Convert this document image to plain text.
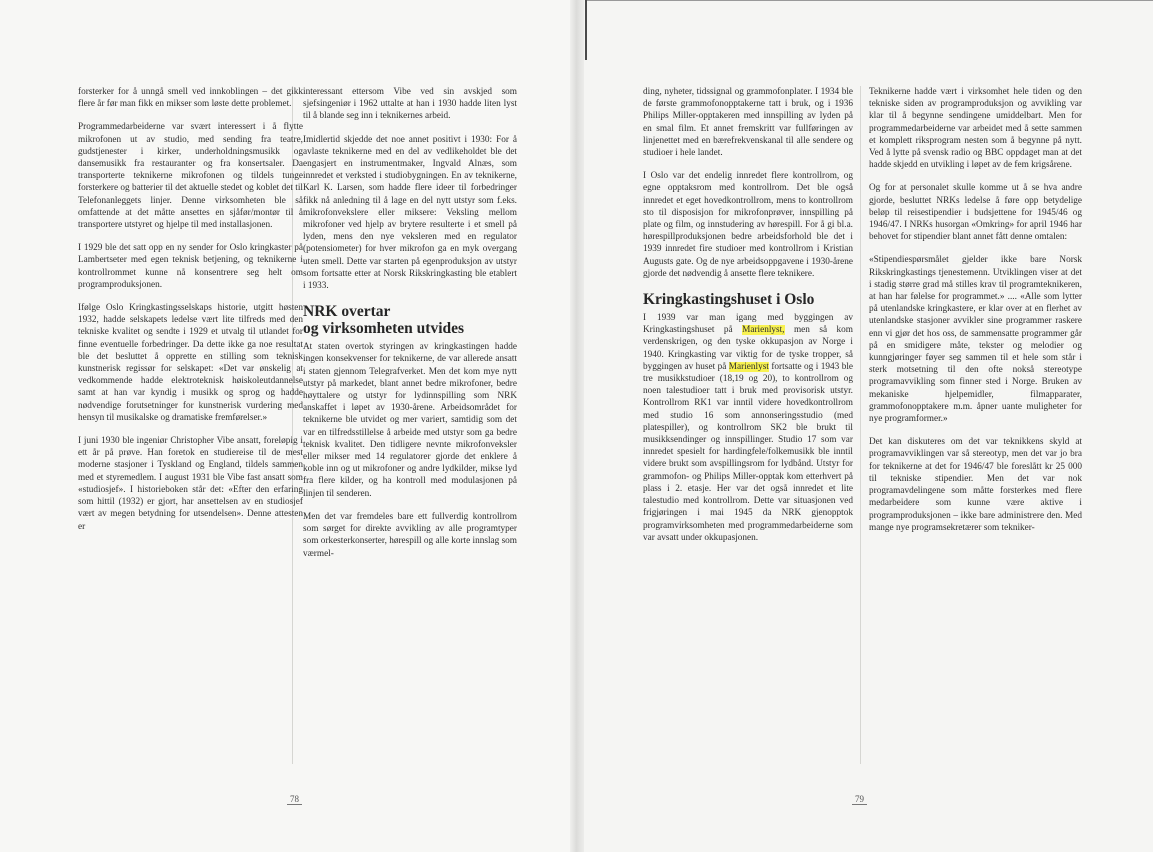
forsterker for å unngå smell ved innkoblingen – det gikk flere år før man fikk en mikser som løste dette problemet.

Programmedarbeiderne var svært interessert i å flytte mikrofonen ut av studio, med sending fra teatre, gudstjenester i kirker, underholdningsmusikk og dansemusikk fra restauranter og fra konsertsaler. Da transporterte teknikerne mikrofonen og tildels tunge forsterkere og batterier til det aktuelle stedet og koblet det til Telefonanleggets linjer. Denne virksomheten ble så omfattende at det måtte ansettes en sjåfør/montør til å transportere utstyret og hjelpe til med installasjonen.

I 1929 ble det satt opp en ny sender for Oslo kringkaster på Lambertseter med egen teknisk betjening, og teknikerne i kontrollrommet kunne nå konsentrere seg helt om programproduksjonen.

Ifølge Oslo Kringkastingsselskaps historie, utgitt høsten 1932, hadde selskapets ledelse vært lite tilfreds med den tekniske kvalitet og sendte i 1929 et utvalg til utlandet for finne eventuelle forbedringer. Da dette ikke ga noe resultat ble det besluttet å opprette en stilling som teknisk kunstnerisk regissør for selskapet: «Det var ønskelig at vedkommende hadde elektroteknisk høiskoleutdannelse samt at han var kyndig i musikk og sprog og hadde nødvendige forutsetninger for kunstnerisk vurdering med hensyn til musikalske og dramatiske fremførelser.»

I juni 1930 ble ingeniør Christopher Vibe ansatt, foreløpig i ett år på prøve. Han foretok en studiereise til de mest moderne stasjoner i Tyskland og England, tildels sammen med et styremedlem. I august 1931 ble Vibe fast ansatt som «studiosjef». I historieboken står det: «Efter den erfaring som hittil (1932) er gjort, har ansettelsen av en studiosjef vært av megen betydning for utsendelsen». Denne attesten er

interessant ettersom Vibe ved sin avskjed som sjefsingeniør i 1962 uttalte at han i 1930 hadde liten lyst til å blande seg inn i teknikernes arbeid.

Imidlertid skjedde det noe annet positivt i 1930: For å avlaste teknikerne med en del av vedlikeholdet ble det engasjert en instrumentmaker, Ingvald Alnæs, som innredet et verksted i studiobygningen. En av teknikerne, Karl K. Larsen, som hadde flere ideer til forbedringer fikk nå anledning til å lage en del nytt utstyr som f.eks. mikrofonvekslere eller miksere: Veksling mellom mikrofoner ved hjelp av brytere resulterte i et smell på lyden, mens den nye veksleren med en regulator (potensiometer) for hver mikrofon ga en myk overgang uten smell. Dette var starten på egenproduksjon av utstyr som fortsatte etter at Norsk Rikskringkasting ble etablert i 1933.

NRK overtar
og virksomheten utvides

At staten overtok styringen av kringkastingen hadde ingen konsekvenser for teknikerne, de var allerede ansatt i staten gjennom Telegrafverket. Men det kom mye nytt utstyr på markedet, blant annet bedre mikrofoner, bedre høyttalere og utstyr for lydinnspilling som NRK anskaffet i løpet av 1930-årene. Arbeidsområdet for teknikerne ble utvidet og mer variert, samtidig som det var en tilfredsstillelse å arbeide med utstyr som ga bedre teknisk kvalitet. Den tidligere nevnte mikrofonveksler eller mikser med 14 regulatorer gjorde det enklere å koble inn og ut mikrofoner og andre lydkilder, mikse lyd fra flere kilder, og ha kontroll med modulasjonen på linjen til senderen.

Men det var fremdeles bare ett fullverdig kontrollrom som sørget for direkte avvikling av alle programtyper som orkesterkonserter, hørespill og alle korte innslag som værmel-

ding, nyheter, tidssignal og grammofonplater. I 1934 ble de første grammofonopptakerne tatt i bruk, og i 1936 Philips Miller-opptakeren med innspilling av lyden på en smal film. Et annet fremskritt var fullføringen av linjenettet med en bærefrekvenskanal til alle sendere og studioer i hele landet.

I Oslo var det endelig innredet flere kontrollrom, og egne opptaksrom med kontrollrom. Det ble også innredet et eget hovedkontrollrom, mens to kontrollrom sto til disposisjon for mikrofonprøver, innspilling på plate og film, og innstudering av hørespill. For å gi bl.a. hørespillproduksjonen bedre arbeidsforhold ble det i 1939 innredet fire studioer med kontrollrom i Kristian Augusts gate. Og de nye arbeidsoppgavene i 1930-årene gjorde det nødvendig å ansette flere teknikere.

Kringkastingshuset i Oslo

I 1939 var man igang med byggingen av Kringkastingshuset på Marienlyst, men så kom verdenskrigen, og den tyske okkupasjon av Norge i 1940. Kringkasting var viktig for de tyske tropper, så byggingen av huset på Marienlyst fortsatte og i 1943 ble tre musikkstudioer (18,19 og 20), to kontrollrom og noen talestudioer tatt i bruk med provisorisk utstyr. Kontrollrom RK1 var inntil videre hovedkontrollrom med studio 16 som annonseringsstudio (med platespiller), og kontrollrom SK2 ble brukt til musikksendinger og innspillinger. Studio 17 som var innredet spesielt for hardingfele/folkemusikk ble inntil videre brukt som avspillingsrom for lydbånd. Utstyr for grammofon- og Philips Miller-opptak kom etterhvert på plass i 2. etasje. Her var det også innredet et lite talestudio med kontrollrom. Dette var situasjonen ved frigjøringen i mai 1945 da NRK gjenopptok programvirksomheten med programmedarbeiderne som var avsatt under okkupasjonen.

Teknikerne hadde vært i virksomhet hele tiden og den tekniske siden av programproduksjon og avvikling var klar til å begynne sendingene umiddelbart. Men for programmedarbeiderne var arbeidet med å sette sammen et komplett riksprogram nesten som å begynne på nytt. Ved å lytte på svensk radio og BBC oppdaget man at det hadde skjedd en utvikling i løpet av de fem krigsårene.

Og for at personalet skulle komme ut å se hva andre gjorde, besluttet NRKs ledelse å føre opp betydelige beløp til reisestipendier i budsjettene for 1945/46 og 1946/47. I NRKs husorgan «Omkring» for april 1946 har behovet for stipendier blant annet fått denne omtalen:

«Stipendiespørsmålet gjelder ikke bare Norsk Rikskringkastings tjenestemenn. Utviklingen viser at det i stadig større grad må stilles krav til programteknikeren, at han har følelse for programmet.» .... «Alle som lytter på utenlandske kringkastere, er klar over at en flerhet av utenlandske stasjoner avvikler sine programmer raskere enn vi gjør det hos oss, de sammensatte programmer går på en smidigere måte, tekster og melodier og kunngjøringer føyer seg sammen til et hele som står i sterk motsetning til den ofte nokså stereotype programavvikling som finner sted i Norge. Bruken av mekaniske hjelpemidler, filmapparater, grammofonopptakere m.m. åpner uante muligheter for nye programformer.»

Det kan diskuteres om det var teknikkens skyld at programavviklingen var så stereotyp, men det var jo bra for teknikerne at det for 1946/47 ble foreslått kr 25 000 til tekniske stipendier. Men det var nok programavdelingene som måtte forsterkes med flere medarbeidere som kunne være aktive i programproduksjonen – ikke bare administrere den. Med mange nye programsekretærer som tekniker-

78	79
